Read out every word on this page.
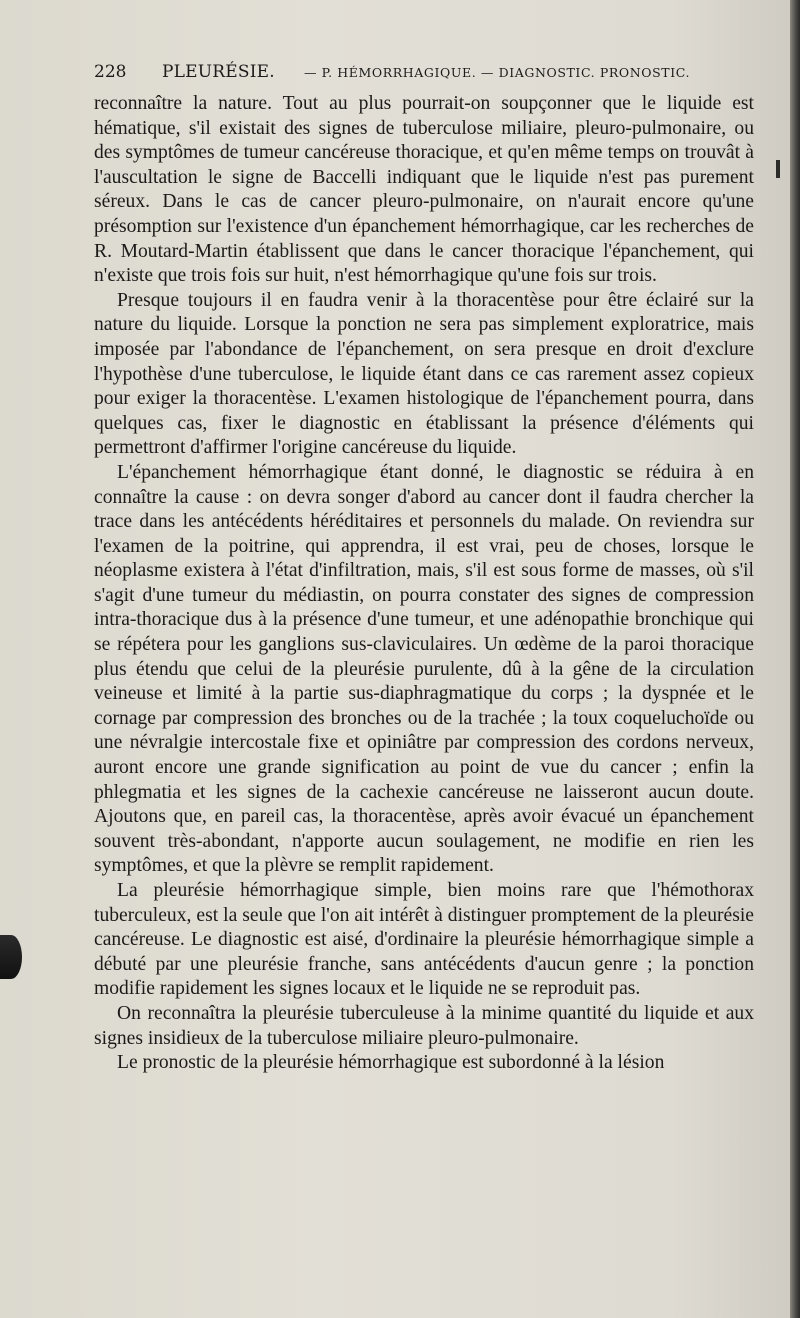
228 PLEURÉSIE. — P. HÉMORRHAGIQUE. — DIAGNOSTIC. PRONOSTIC.

reconnaître la nature. Tout au plus pourrait-on soupçonner que le liquide est hématique, s'il existait des signes de tuberculose miliaire, pleuro-pulmonaire, ou des symptômes de tumeur cancéreuse thoracique, et qu'en même temps on trouvât à l'auscultation le signe de Baccelli indiquant que le liquide n'est pas purement séreux. Dans le cas de cancer pleuro-pulmonaire, on n'aurait encore qu'une présomption sur l'existence d'un épanchement hémorrhagique, car les recherches de R. Moutard-Martin établissent que dans le cancer thoracique l'épanchement, qui n'existe que trois fois sur huit, n'est hémorrhagique qu'une fois sur trois.

Presque toujours il en faudra venir à la thoracentèse pour être éclairé sur la nature du liquide. Lorsque la ponction ne sera pas simplement exploratrice, mais imposée par l'abondance de l'épanchement, on sera presque en droit d'exclure l'hypothèse d'une tuberculose, le liquide étant dans ce cas rarement assez copieux pour exiger la thoracentèse. L'examen histologique de l'épanchement pourra, dans quelques cas, fixer le diagnostic en établissant la présence d'éléments qui permettront d'affirmer l'origine cancéreuse du liquide.

L'épanchement hémorrhagique étant donné, le diagnostic se réduira à en connaître la cause : on devra songer d'abord au cancer dont il faudra chercher la trace dans les antécédents héréditaires et personnels du malade. On reviendra sur l'examen de la poitrine, qui apprendra, il est vrai, peu de choses, lorsque le néoplasme existera à l'état d'infiltration, mais, s'il est sous forme de masses, où s'il s'agit d'une tumeur du médiastin, on pourra constater des signes de compression intra-thoracique dus à la présence d'une tumeur, et une adénopathie bronchique qui se répétera pour les ganglions sus-claviculaires. Un œdème de la paroi thoracique plus étendu que celui de la pleurésie purulente, dû à la gêne de la circulation veineuse et limité à la partie sus-diaphragmatique du corps ; la dyspnée et le cornage par compression des bronches ou de la trachée ; la toux coqueluchoïde ou une névralgie intercostale fixe et opiniâtre par compression des cordons nerveux, auront encore une grande signification au point de vue du cancer ; enfin la phlegmatia et les signes de la cachexie cancéreuse ne laisseront aucun doute. Ajoutons que, en pareil cas, la thoracentèse, après avoir évacué un épanchement souvent très-abondant, n'apporte aucun soulagement, ne modifie en rien les symptômes, et que la plèvre se remplit rapidement.

La pleurésie hémorrhagique simple, bien moins rare que l'hémothorax tuberculeux, est la seule que l'on ait intérêt à distinguer promptement de la pleurésie cancéreuse. Le diagnostic est aisé, d'ordinaire la pleurésie hémorrhagique simple a débuté par une pleurésie franche, sans antécédents d'aucun genre ; la ponction modifie rapidement les signes locaux et le liquide ne se reproduit pas.

On reconnaîtra la pleurésie tuberculeuse à la minime quantité du liquide et aux signes insidieux de la tuberculose miliaire pleuro-pulmonaire.

Le pronostic de la pleurésie hémorrhagique est subordonné à la lésion
